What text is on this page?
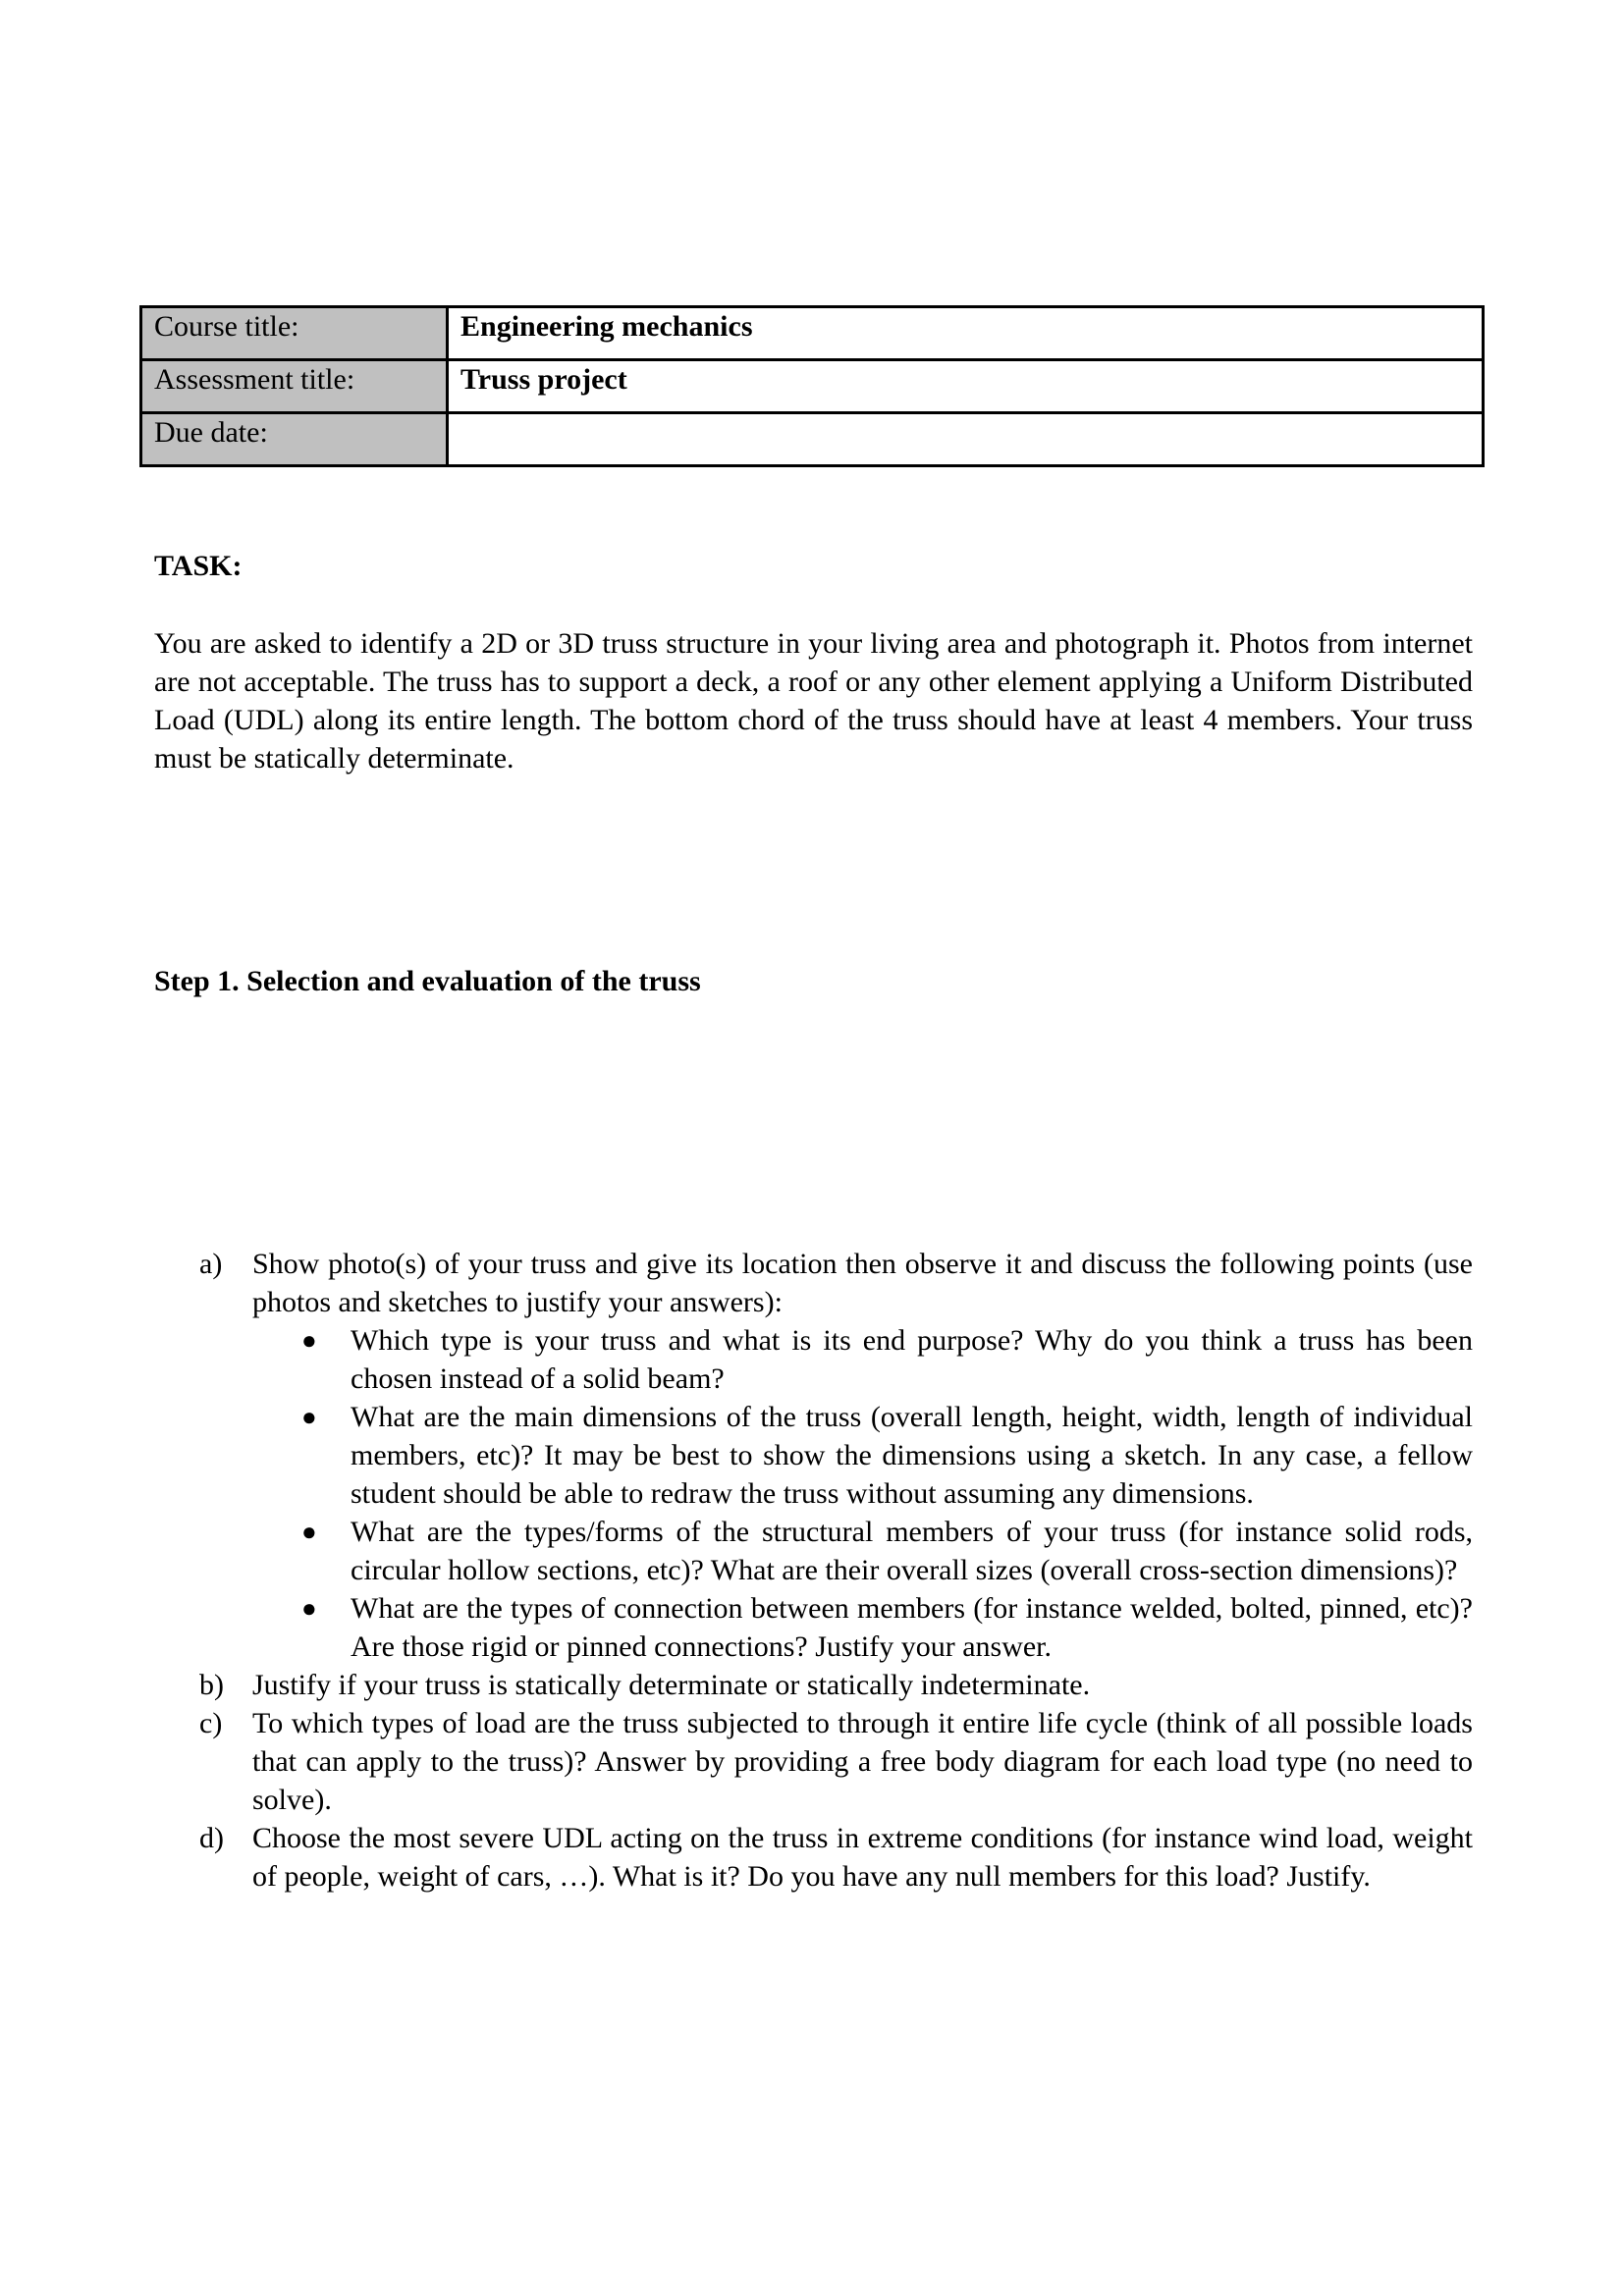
Course title:	Engineering mechanics
Assessment title:	Truss project
Due date:	
TASK:

You are asked to identify a 2D or 3D truss structure in your living area and photograph it. Photos from internet are not acceptable. The truss has to support a deck, a roof or any other element applying a Uniform Distributed Load (UDL) along its entire length. The bottom chord of the truss should have at least 4 members. Your truss must be statically determinate.

Step 1. Selection and evaluation of the truss
a) Show photo(s) of your truss and give its location then observe it and discuss the following points (use photos and sketches to justify your answers):
● Which type is your truss and what is its end purpose? Why do you think a truss has been chosen instead of a solid beam?
● What are the main dimensions of the truss (overall length, height, width, length of individual members, etc)? It may be best to show the dimensions using a sketch. In any case, a fellow student should be able to redraw the truss without assuming any dimensions.
● What are the types/forms of the structural members of your truss (for instance solid rods, circular hollow sections, etc)? What are their overall sizes (overall cross-section dimensions)?
● What are the types of connection between members (for instance welded, bolted, pinned, etc)? Are those rigid or pinned connections? Justify your answer.
b) Justify if your truss is statically determinate or statically indeterminate.
c) To which types of load are the truss subjected to through it entire life cycle (think of all possible loads that can apply to the truss)? Answer by providing a free body diagram for each load type (no need to solve).
d) Choose the most severe UDL acting on the truss in extreme conditions (for instance wind load, weight of people, weight of cars, …). What is it? Do you have any null members for this load? Justify.
